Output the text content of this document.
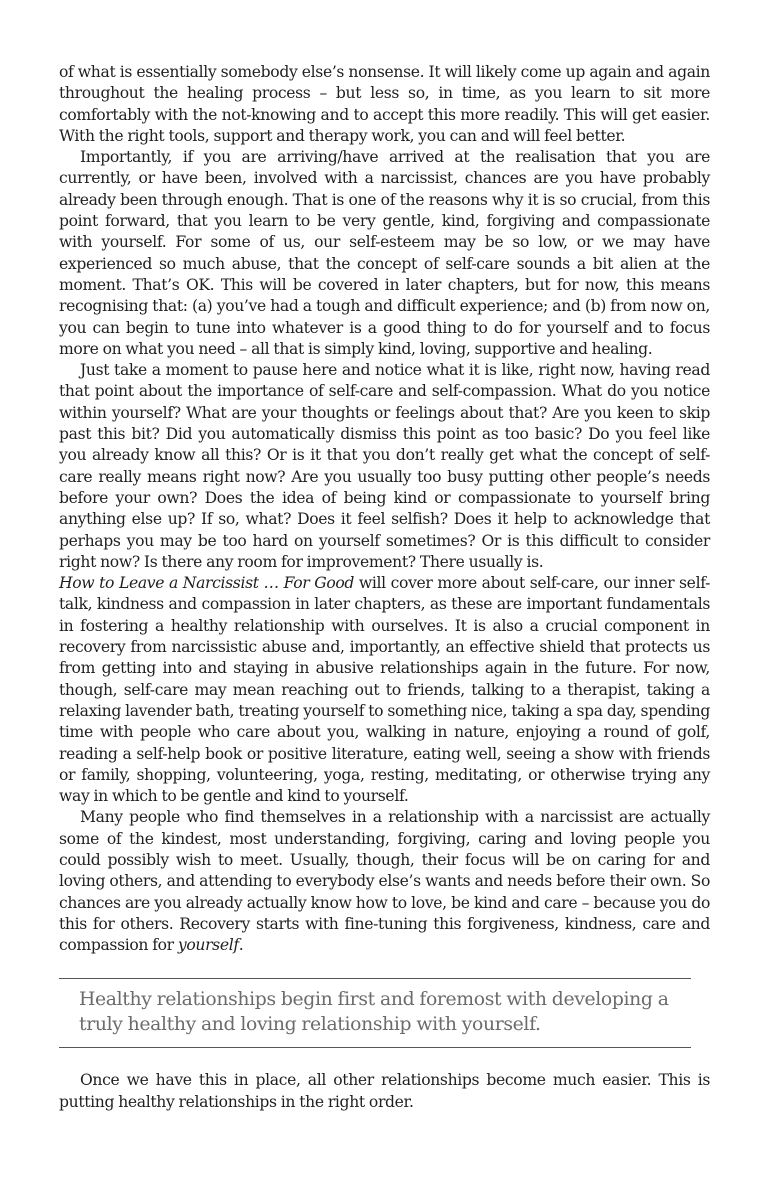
of what is essentially somebody else’s nonsense. It will likely come up again and again throughout the healing process – but less so, in time, as you learn to sit more comfortably with the not-knowing and to accept this more readily. This will get easier. With the right tools, support and therapy work, you can and will feel better.

Importantly, if you are arriving/have arrived at the realisation that you are currently, or have been, involved with a narcissist, chances are you have probably already been through enough. That is one of the reasons why it is so crucial, from this point forward, that you learn to be very gentle, kind, forgiving and compassionate with yourself. For some of us, our self-esteem may be so low, or we may have experienced so much abuse, that the concept of self-care sounds a bit alien at the moment. That’s OK. This will be covered in later chapters, but for now, this means recognising that: (a) you’ve had a tough and difficult experience; and (b) from now on, you can begin to tune into whatever is a good thing to do for yourself and to focus more on what you need – all that is simply kind, loving, supportive and healing.

Just take a moment to pause here and notice what it is like, right now, having read that point about the importance of self-care and self-compassion. What do you notice within yourself? What are your thoughts or feelings about that? Are you keen to skip past this bit? Did you automatically dismiss this point as too basic? Do you feel like you already know all this? Or is it that you don’t really get what the concept of self-care really means right now? Are you usually too busy putting other people’s needs before your own? Does the idea of being kind or compassionate to yourself bring anything else up? If so, what? Does it feel selfish? Does it help to acknowledge that perhaps you may be too hard on yourself sometimes? Or is this difficult to consider right now? Is there any room for improvement? There usually is.

How to Leave a Narcissist … For Good will cover more about self-care, our inner self-talk, kindness and compassion in later chapters, as these are important fundamentals in fostering a healthy relationship with ourselves. It is also a crucial component in recovery from narcissistic abuse and, importantly, an effective shield that protects us from getting into and staying in abusive relationships again in the future. For now, though, self-care may mean reaching out to friends, talking to a therapist, taking a relaxing lavender bath, treating yourself to something nice, taking a spa day, spending time with people who care about you, walking in nature, enjoying a round of golf, reading a self-help book or positive literature, eating well, seeing a show with friends or family, shopping, volunteering, yoga, resting, meditating, or otherwise trying any way in which to be gentle and kind to yourself.

Many people who find themselves in a relationship with a narcissist are actually some of the kindest, most understanding, forgiving, caring and loving people you could possibly wish to meet. Usually, though, their focus will be on caring for and loving others, and attending to everybody else’s wants and needs before their own. So chances are you already actually know how to love, be kind and care – because you do this for others. Recovery starts with fine-tuning this forgiveness, kindness, care and compassion for yourself.

Healthy relationships begin first and foremost with developing a truly healthy and loving relationship with yourself.

Once we have this in place, all other relationships become much easier. This is putting healthy relationships in the right order.
